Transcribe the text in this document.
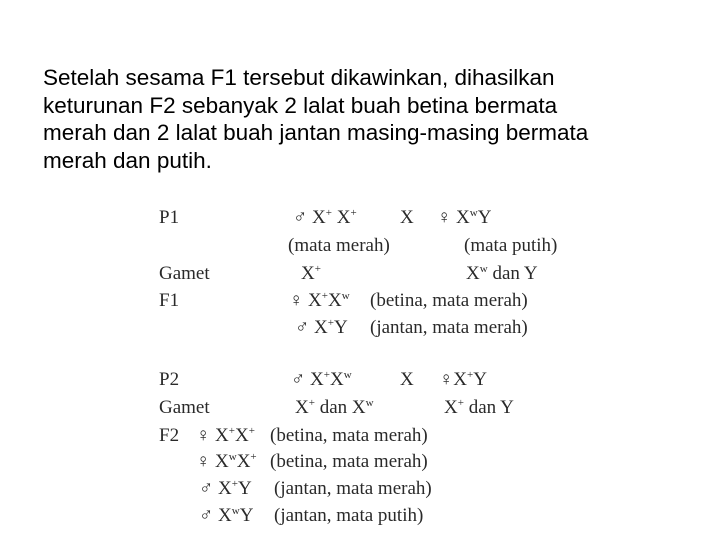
Setelah sesama F1 tersebut dikawinkan, dihasilkan
keturunan F2 sebanyak 2 lalat buah betina bermata
merah dan 2 lalat buah jantan masing-masing bermata
merah dan putih.
P1	♂ X+ X+ X ♀ $X^wY$
(mata merah)	(mata putih)
Gamet	X+	$X^w$ dan Y
F1	♀ $X^+X^w$ (betina, mata merah)
♂ X+Y (jantan, mata merah)
P2	♂ $X^+X^w$	X ♀X+Y
Gamet	X+ dan $X^w$	X+ dan Y
F2 ♀ X+X+ (betina, mata merah)
♀ $X^wX^+$ (betina, mata merah)
♂ X+Y (jantan, mata merah)
♂ $X^wY$ (jantan, mata putih)
